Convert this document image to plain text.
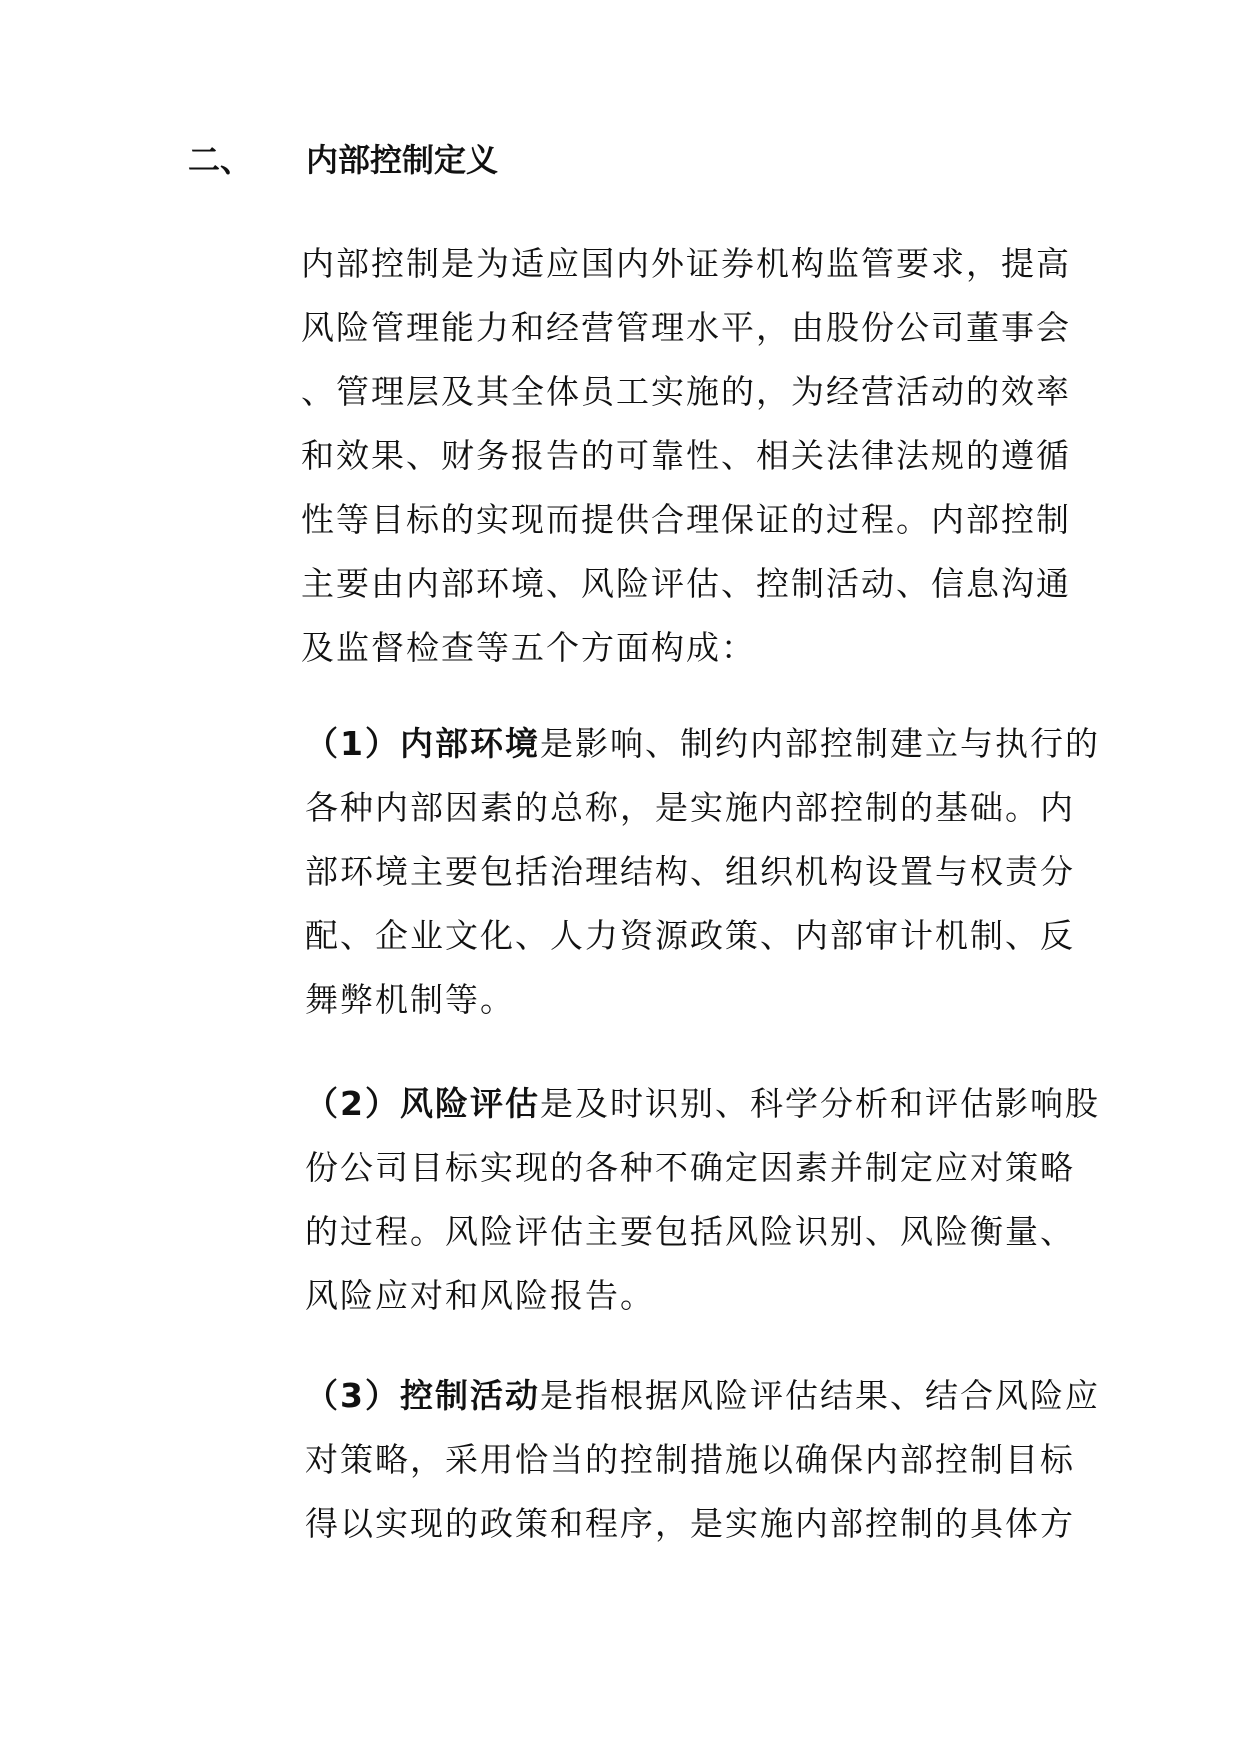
二、 内部控制定义
内部控制是为适应国内外证券机构监管要求，提高
风险管理能力和经营管理水平，由股份公司董事会
、管理层及其全体员工实施的，为经营活动的效率
和效果、财务报告的可靠性、相关法律法规的遵循
性等目标的实现而提供合理保证的过程。内部控制
主要由内部环境、风险评估、控制活动、信息沟通
及监督检查等五个方面构成：
（1）内部环境是影响、制约内部控制建立与执行的
各种内部因素的总称，是实施内部控制的基础。内
部环境主要包括治理结构、组织机构设置与权责分
配、企业文化、人力资源政策、内部审计机制、反
舞弊机制等。
（2）风险评估是及时识别、科学分析和评估影响股
份公司目标实现的各种不确定因素并制定应对策略
的过程。风险评估主要包括风险识别、风险衡量、
风险应对和风险报告。
（3）控制活动是指根据风险评估结果、结合风险应
对策略，采用恰当的控制措施以确保内部控制目标
得以实现的政策和程序，是实施内部控制的具体方
